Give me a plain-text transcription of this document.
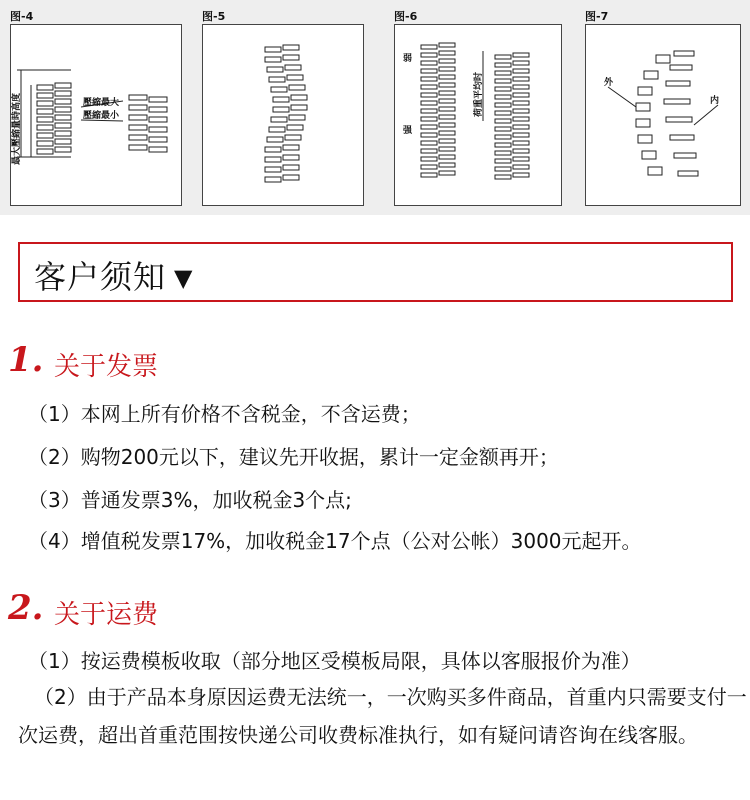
图-4
最大壓縮量時高度	壓縮最大
壓縮最小
图-5	图-6
弱
强
荷重平均时
图-7
外
内
客户须知 ▼
1. 关于发票
（1）本网上所有价格不含税金，不含运费；
（2）购物200元以下，建议先开收据，累计一定金额再开；
（3）普通发票3%，加收税金3个点;
（4）增值税发票17%，加收税金17个点（公对公帐）3000元起开。
2. 关于运费
（1）按运费模板收取（部分地区受模板局限，具体以客服报价为准）
（2）由于产品本身原因运费无法统一，一次购买多件商品，首重内只需要支付一次运费，超出首重范围按快递公司收费标准执行，如有疑问请咨询在线客服。
